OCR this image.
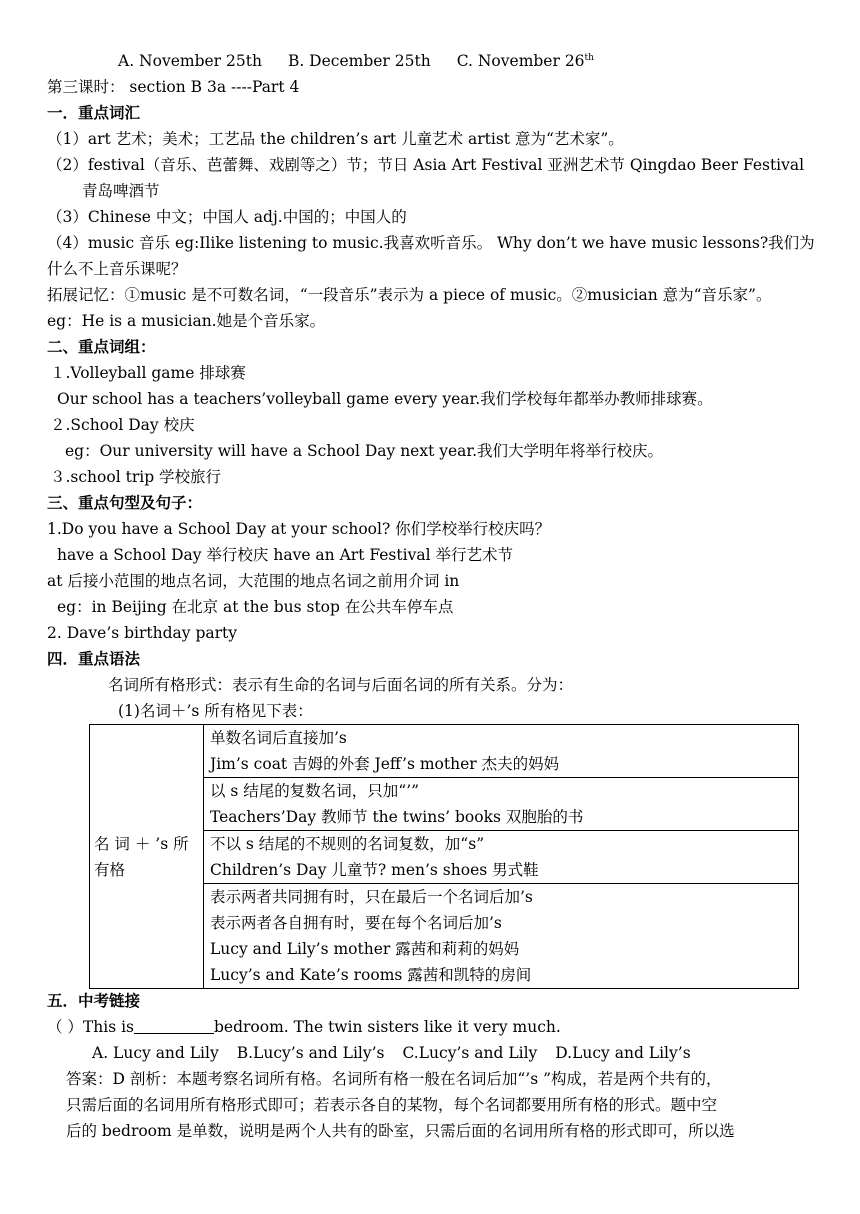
A. November 25th B. December 25th C. November 26th
第三课时： section B 3a ----Part 4
一．重点词汇
（1）art 艺术；美术；工艺品 the children’s art 儿童艺术 artist 意为“艺术家”。
（2）festival（音乐、芭蕾舞、戏剧等之）节；节日 Asia Art Festival 亚洲艺术节 Qingdao Beer Festival
青岛啤酒节
（3）Chinese 中文；中国人 adj.中国的；中国人的
（4）music 音乐 eg:Ilike listening to music.我喜欢听音乐。 Why don’t we have music lessons?我们为
什么不上音乐课呢？
拓展记忆：①music 是不可数名词，“一段音乐”表示为 a piece of music。②musician 意为“音乐家”。
eg：He is a musician.她是个音乐家。
二、重点词组：
１.Volleyball game 排球赛
Our school has a teachers’volleyball game every year.我们学校每年都举办教师排球赛。
２.School Day 校庆
eg：Our university will have a School Day next year.我们大学明年将举行校庆。
３.school trip 学校旅行
三、重点句型及句子：
1.Do you have a School Day at your school? 你们学校举行校庆吗？
have a School Day 举行校庆 have an Art Festival 举行艺术节
at 后接小范围的地点名词，大范围的地点名词之前用介词 in
eg：in Beijing 在北京 at the bus stop 在公共车停车点
2. Dave’s birthday party
四．重点语法
名词所有格形式：表示有生命的名词与后面名词的所有关系。分为：
(1)名词＋’s 所有格见下表：
名 词 ＋ ’s 所
有格

单数名词后直接加’s
Jim’s coat 吉姆的外套 Jeff’s mother 杰夫的妈妈

以 s 结尾的复数名词，只加“’”
Teachers’Day 教师节 the twins’ books 双胞胎的书

不以 s 结尾的不规则的名词复数，加“s”
Children’s Day 儿童节? men’s shoes 男式鞋

表示两者共同拥有时，只在最后一个名词后加’s
表示两者各自拥有时，要在每个名词后加’s
Lucy and Lily’s mother 露茜和莉莉的妈妈
Lucy’s and Kate’s rooms 露茜和凯特的房间
五．中考链接
（ ）This is	bedroom. The twin sisters like it very much.
A. Lucy and Lily B.Lucy’s and Lily’s C.Lucy’s and Lily D.Lucy and Lily’s
答案：D 剖析：本题考察名词所有格。名词所有格一般在名词后加“’s ”构成，若是两个共有的，
只需后面的名词用所有格形式即可；若表示各自的某物，每个名词都要用所有格的形式。题中空
后的 bedroom 是单数，说明是两个人共有的卧室，只需后面的名词用所有格的形式即可，所以选
